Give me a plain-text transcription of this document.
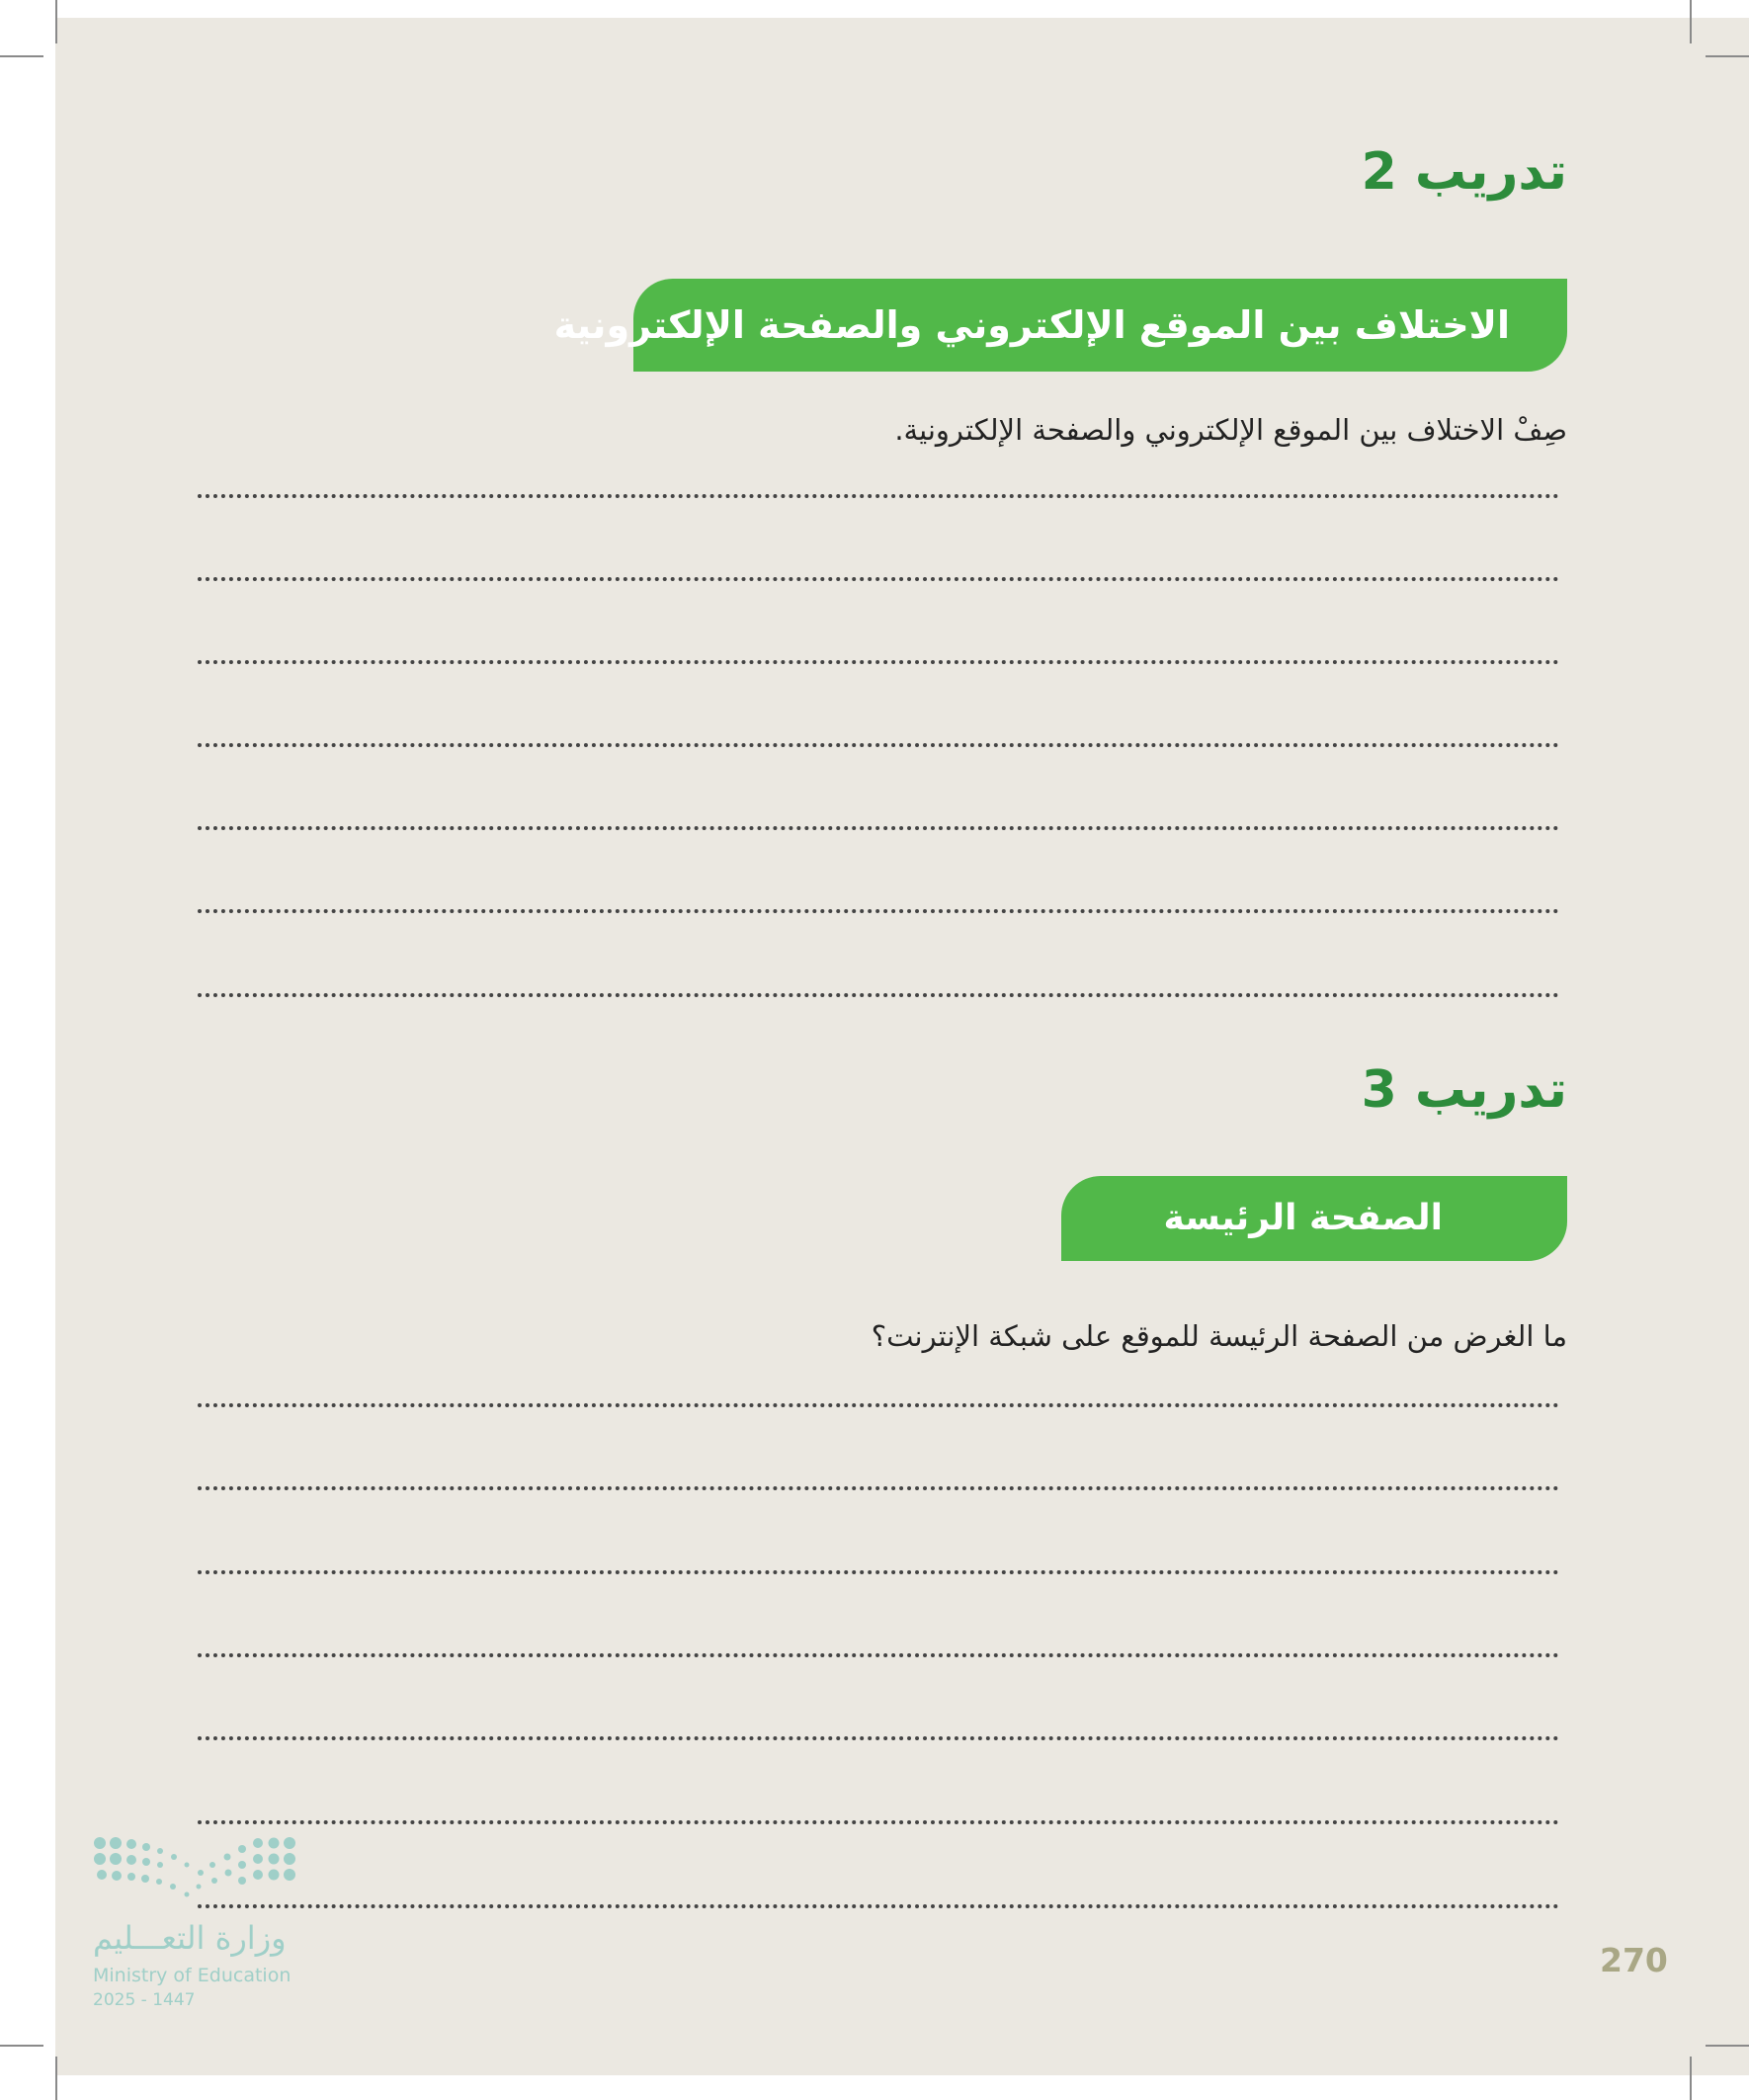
تدريب 2
الاختلاف بين الموقع الإلكتروني والصفحة الإلكترونية
صِفْ الاختلاف بين الموقع الإلكتروني والصفحة الإلكترونية.
تدريب 3
الصفحة الرئيسة
ما الغرض من الصفحة الرئيسة للموقع على شبكة الإنترنت؟
وزارة التعـــليم
Ministry of Education
2025 - 1447
270
